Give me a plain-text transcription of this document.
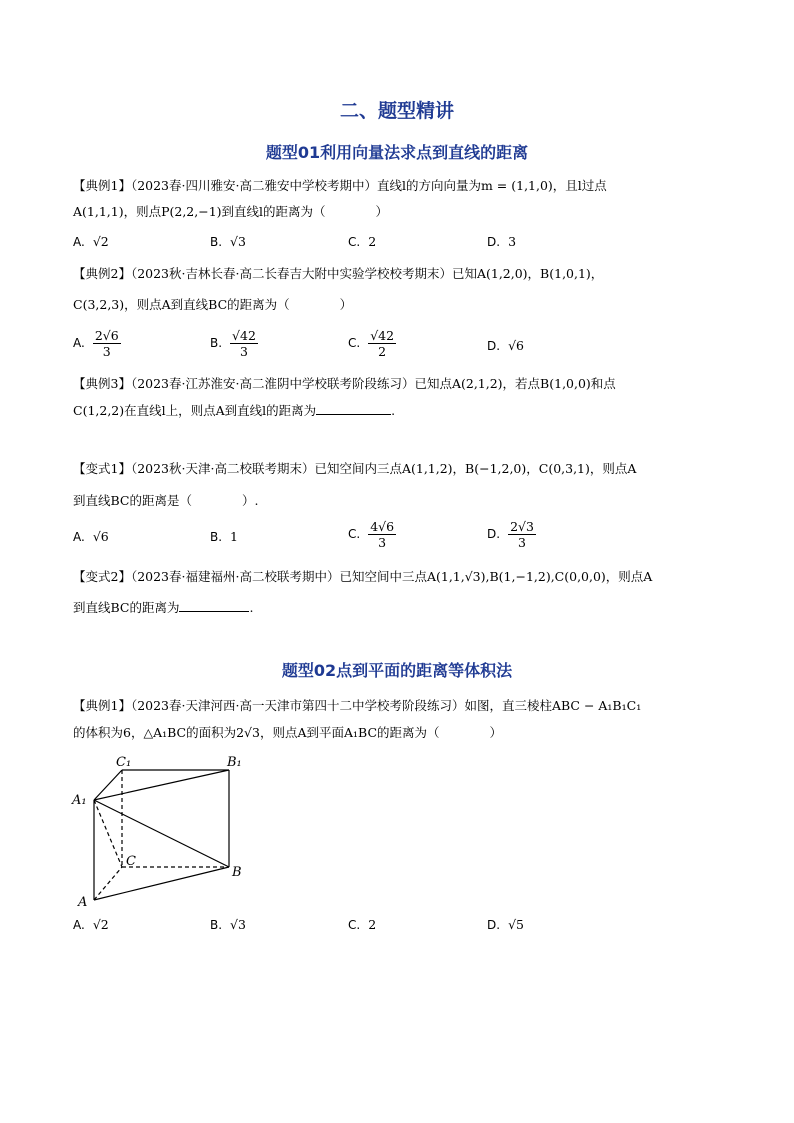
二、题型精讲
题型01利用向量法求点到直线的距离
【典例1】（2023春·四川雅安·高二雅安中学校考期中）直线l的方向向量为m = (1,1,0)，且l过点
A(1,1,1)，则点P(2,2,−1)到直线l的距离为（　　　　）
A. √2	B. √3	C. 2	D. 3
【典例2】（2023秋·吉林长春·高二长春吉大附中实验学校校考期末）已知A(1,2,0)，B(1,0,1)，
C(3,2,3)，则点A到直线BC的距离为（　　　　）
A. $\frac{2√6}{3}$	B. $\frac{√42}{3}$	C. $\frac{√42}{2}$	D. √6
【典例3】（2023春·江苏淮安·高二淮阴中学校联考阶段练习）已知点A(2,1,2)，若点B(1,0,0)和点
C(1,2,2)在直线l上，则点A到直线l的距离为	.
【变式1】（2023秋·天津·高二校联考期末）已知空间内三点A(1,1,2)，B(−1,2,0)，C(0,3,1)，则点A
到直线BC的距离是（　　　　）.
A. √6	B. 1	C. $\frac{4√6}{3}$	D. $\frac{2√3}{3}$
【变式2】（2023春·福建福州·高二校联考期中）已知空间中三点A(1,1,√3),B(1,−1,2),C(0,0,0)，则点A
到直线BC的距离为	.
题型02点到平面的距离等体积法
【典例1】（2023春·天津河西·高一天津市第四十二中学校考阶段练习）如图，直三棱柱ABC − A₁B₁C₁
的体积为6，△A₁BC的面积为2√3，则点A到平面A₁BC的距离为（　　　　）
C₁	B₁
A₁
C
B
A
A. √2	B. √3	C. 2	D. √5
